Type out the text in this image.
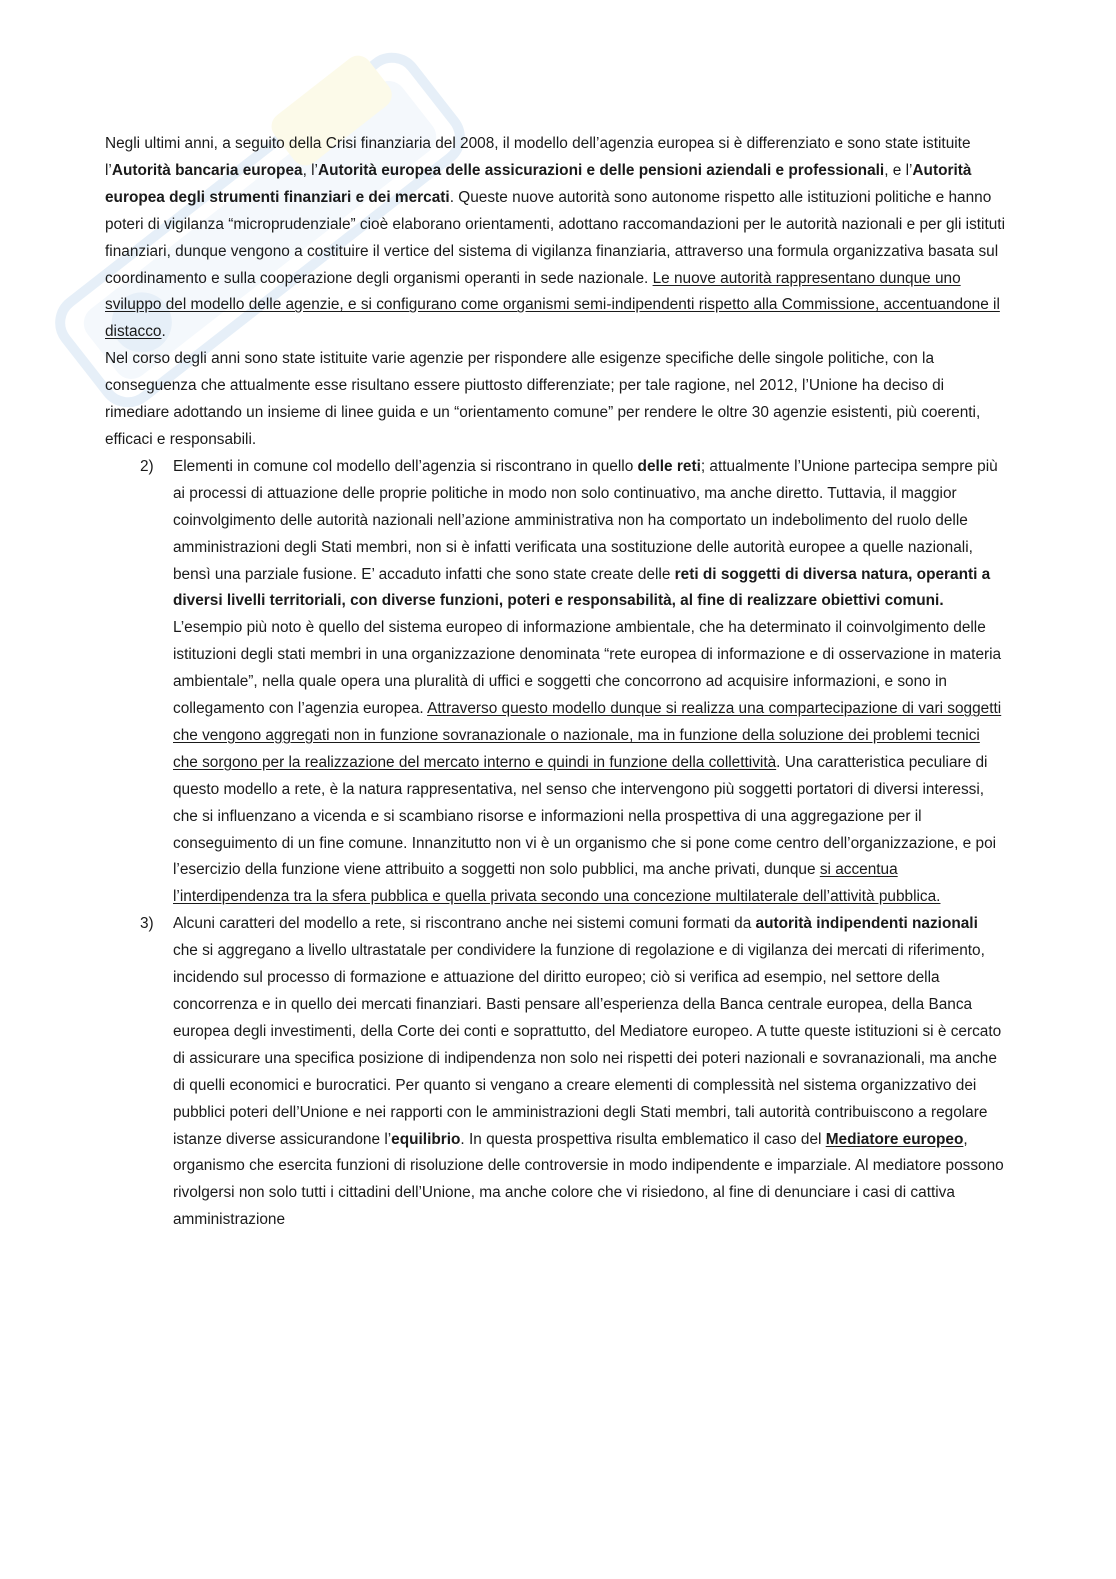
Negli ultimi anni, a seguito della Crisi finanziaria del 2008, il modello dell’agenzia europea si è differenziato e sono state istituite l’Autorità bancaria europea, l’Autorità europea delle assicurazioni e delle pensioni aziendali e professionali, e l’Autorità europea degli strumenti finanziari e dei mercati. Queste nuove autorità sono autonome rispetto alle istituzioni politiche e hanno poteri di vigilanza “microprudenziale” cioè elaborano orientamenti, adottano raccomandazioni per le autorità nazionali e per gli istituti finanziari, dunque vengono a costituire il vertice del sistema di vigilanza finanziaria, attraverso una formula organizzativa basata sul coordinamento e sulla cooperazione degli organismi operanti in sede nazionale. Le nuove autorità rappresentano dunque uno sviluppo del modello delle agenzie, e si configurano come organismi semi-indipendenti rispetto alla Commissione, accentuandone il distacco.

Nel corso degli anni sono state istituite varie agenzie per rispondere alle esigenze specifiche delle singole politiche, con la conseguenza che attualmente esse risultano essere piuttosto differenziate; per tale ragione, nel 2012, l’Unione ha deciso di rimediare adottando un insieme di linee guida e un “orientamento comune” per rendere le oltre 30 agenzie esistenti, più coerenti, efficaci e responsabili.

2) Elementi in comune col modello dell’agenzia si riscontrano in quello delle reti; attualmente l’Unione partecipa sempre più ai processi di attuazione delle proprie politiche in modo non solo continuativo, ma anche diretto. Tuttavia, il maggior coinvolgimento delle autorità nazionali nell’azione amministrativa non ha comportato un indebolimento del ruolo delle amministrazioni degli Stati membri, non si è infatti verificata una sostituzione delle autorità europee a quelle nazionali, bensì una parziale fusione. E’ accaduto infatti che sono state create delle reti di soggetti di diversa natura, operanti a diversi livelli territoriali, con diverse funzioni, poteri e responsabilità, al fine di realizzare obiettivi comuni. L’esempio più noto è quello del sistema europeo di informazione ambientale, che ha determinato il coinvolgimento delle istituzioni degli stati membri in una organizzazione denominata “rete europea di informazione e di osservazione in materia ambientale”, nella quale opera una pluralità di uffici e soggetti che concorrono ad acquisire informazioni, e sono in collegamento con l’agenzia europea. Attraverso questo modello dunque si realizza una compartecipazione di vari soggetti che vengono aggregati non in funzione sovranazionale o nazionale, ma in funzione della soluzione dei problemi tecnici che sorgono per la realizzazione del mercato interno e quindi in funzione della collettività. Una caratteristica peculiare di questo modello a rete, è la natura rappresentativa, nel senso che intervengono più soggetti portatori di diversi interessi, che si influenzano a vicenda e si scambiano risorse e informazioni nella prospettiva di una aggregazione per il conseguimento di un fine comune. Innanzitutto non vi è un organismo che si pone come centro dell’organizzazione, e poi l’esercizio della funzione viene attribuito a soggetti non solo pubblici, ma anche privati, dunque si accentua l’interdipendenza tra la sfera pubblica e quella privata secondo una concezione multilaterale dell’attività pubblica.
3) Alcuni caratteri del modello a rete, si riscontrano anche nei sistemi comuni formati da autorità indipendenti nazionali che si aggregano a livello ultrastatale per condividere la funzione di regolazione e di vigilanza dei mercati di riferimento, incidendo sul processo di formazione e attuazione del diritto europeo; ciò si verifica ad esempio, nel settore della concorrenza e in quello dei mercati finanziari. Basti pensare all’esperienza della Banca centrale europea, della Banca europea degli investimenti, della Corte dei conti e soprattutto, del Mediatore europeo. A tutte queste istituzioni si è cercato di assicurare una specifica posizione di indipendenza non solo nei rispetti dei poteri nazionali e sovranazionali, ma anche di quelli economici e burocratici. Per quanto si vengano a creare elementi di complessità nel sistema organizzativo dei pubblici poteri dell’Unione e nei rapporti con le amministrazioni degli Stati membri, tali autorità contribuiscono a regolare istanze diverse assicurandone l’equilibrio. In questa prospettiva risulta emblematico il caso del Mediatore europeo, organismo che esercita funzioni di risoluzione delle controversie in modo indipendente e imparziale. Al mediatore possono rivolgersi non solo tutti i cittadini dell’Unione, ma anche colore che vi risiedono, al fine di denunciare i casi di cattiva amministrazione
